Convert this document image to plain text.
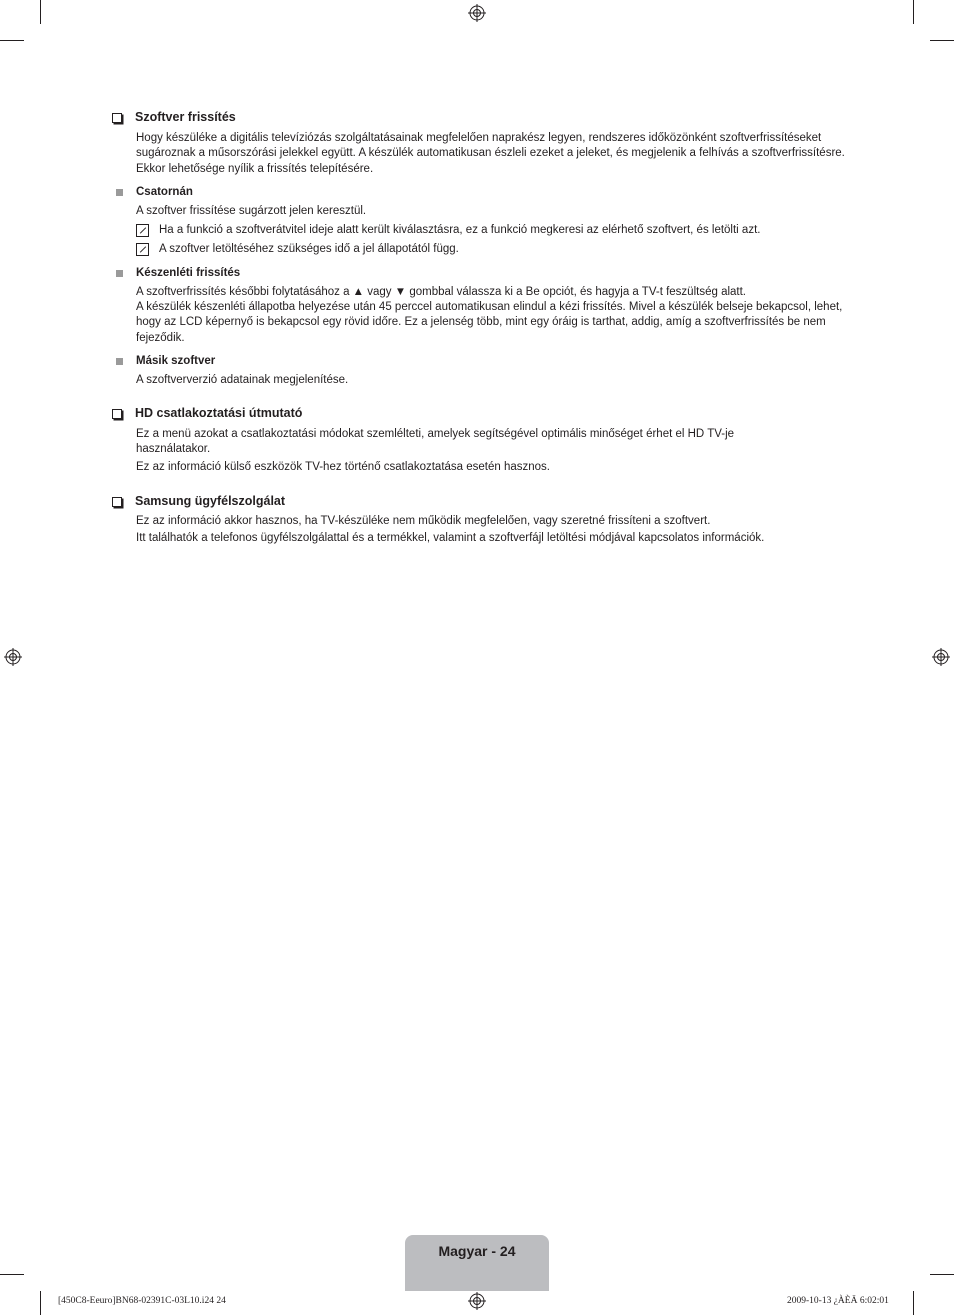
Szoftver frissítés
Hogy készüléke a digitális televíziózás szolgáltatásainak megfelelően naprakész legyen, rendszeres időközönként szoftverfrissítéseket sugároznak a műsorszórási jelekkel együtt. A készülék automatikusan észleli ezeket a jeleket, és megjelenik a felhívás a szoftverfrissítésre. Ekkor lehetősége nyílik a frissítés telepítésére.
Csatornán
A szoftver frissítése sugárzott jelen keresztül.
Ha a funkció a szoftverátvitel ideje alatt került kiválasztásra, ez a funkció megkeresi az elérhető szoftvert, és letölti azt.
A szoftver letöltéséhez szükséges idő a jel állapotától függ.
Készenléti frissítés
A szoftverfrissítés későbbi folytatásához a ▲ vagy ▼ gombbal válassza ki a Be opciót, és hagyja a TV-t feszültség alatt.
A készülék készenléti állapotba helyezése után 45 perccel automatikusan elindul a kézi frissítés. Mivel a készülék belseje bekapcsol, lehet, hogy az LCD képernyő is bekapcsol egy rövid időre. Ez a jelenség több, mint egy óráig is tarthat, addig, amíg a szoftverfrissítés be nem fejeződik.
Másik szoftver
A szoftververzió adatainak megjelenítése.
HD csatlakoztatási útmutató
Ez a menü azokat a csatlakoztatási módokat szemlélteti, amelyek segítségével optimális minőséget érhet el HD TV-je használatakor.
Ez az információ külső eszközök TV-hez történő csatlakoztatása esetén hasznos.
Samsung ügyfélszolgálat
Ez az információ akkor hasznos, ha TV-készüléke nem működik megfelelően, vagy szeretné frissíteni a szoftvert.
Itt találhatók a telefonos ügyfélszolgálattal és a termékkel, valamint a szoftverfájl letöltési módjával kapcsolatos információk.
Magyar - 24
[450C8-Eeuro]BN68-02391C-03L10.i24 24	2009-10-13 ¿ÀÈÄ 6:02:01
